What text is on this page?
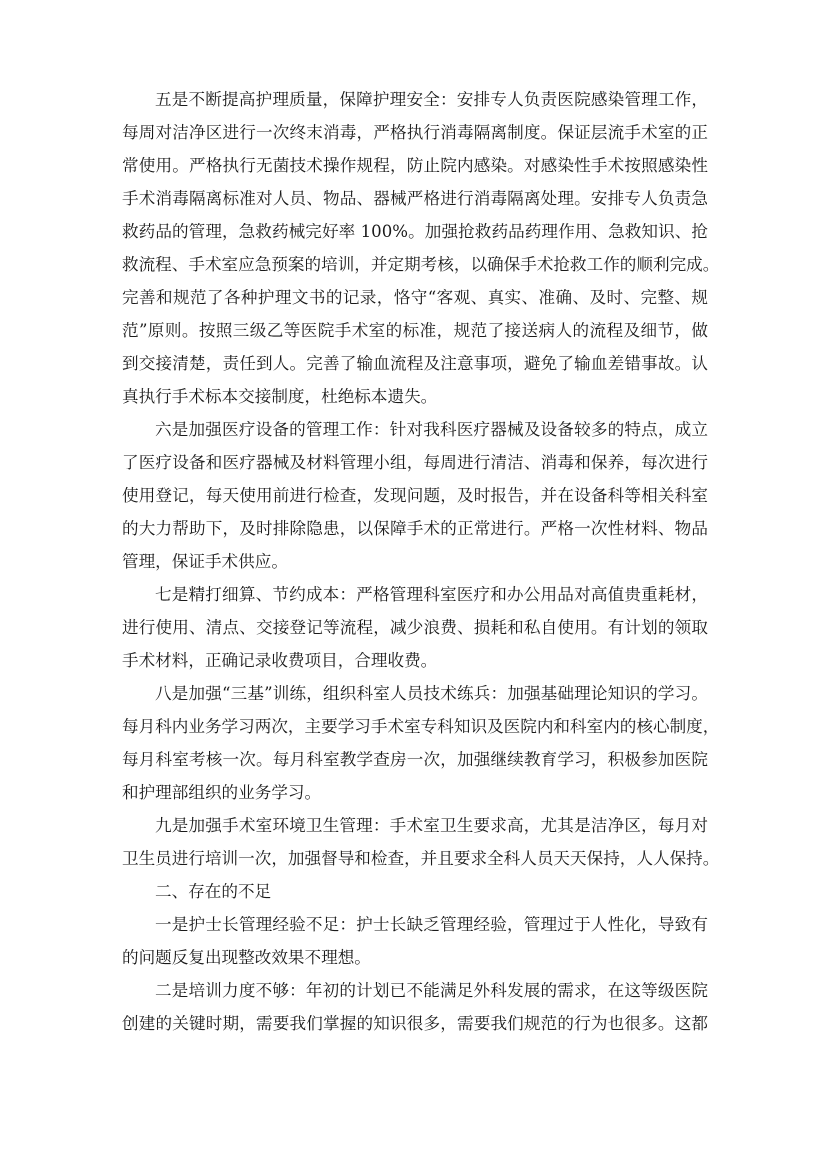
五是不断提高护理质量，保障护理安全：安排专人负责医院感染管理工作，
每周对洁净区进行一次终末消毒，严格执行消毒隔离制度。保证层流手术室的正
常使用。严格执行无菌技术操作规程，防止院内感染。对感染性手术按照感染性
手术消毒隔离标准对人员、物品、器械严格进行消毒隔离处理。安排专人负责急
救药品的管理，急救药械完好率 100%。加强抢救药品药理作用、急救知识、抢
救流程、手术室应急预案的培训，并定期考核，以确保手术抢救工作的顺利完成。
完善和规范了各种护理文书的记录，恪守“客观、真实、准确、及时、完整、规
范”原则。按照三级乙等医院手术室的标准，规范了接送病人的流程及细节，做
到交接清楚，责任到人。完善了输血流程及注意事项，避免了输血差错事故。认
真执行手术标本交接制度，杜绝标本遗失。
六是加强医疗设备的管理工作：针对我科医疗器械及设备较多的特点，成立
了医疗设备和医疗器械及材料管理小组，每周进行清洁、消毒和保养，每次进行
使用登记，每天使用前进行检查，发现问题，及时报告，并在设备科等相关科室
的大力帮助下，及时排除隐患，以保障手术的正常进行。严格一次性材料、物品
管理，保证手术供应。
七是精打细算、节约成本：严格管理科室医疗和办公用品对高值贵重耗材，
进行使用、清点、交接登记等流程，减少浪费、损耗和私自使用。有计划的领取
手术材料，正确记录收费项目，合理收费。
八是加强“三基”训练，组织科室人员技术练兵：加强基础理论知识的学习。
每月科内业务学习两次，主要学习手术室专科知识及医院内和科室内的核心制度，
每月科室考核一次。每月科室教学查房一次，加强继续教育学习，积极参加医院
和护理部组织的业务学习。
九是加强手术室环境卫生管理：手术室卫生要求高，尤其是洁净区，每月对
卫生员进行培训一次，加强督导和检查，并且要求全科人员天天保持，人人保持。
二、存在的不足
一是护士长管理经验不足：护士长缺乏管理经验，管理过于人性化，导致有
的问题反复出现整改效果不理想。
二是培训力度不够：年初的计划已不能满足外科发展的需求，在这等级医院
创建的关键时期，需要我们掌握的知识很多，需要我们规范的行为也很多。这都
